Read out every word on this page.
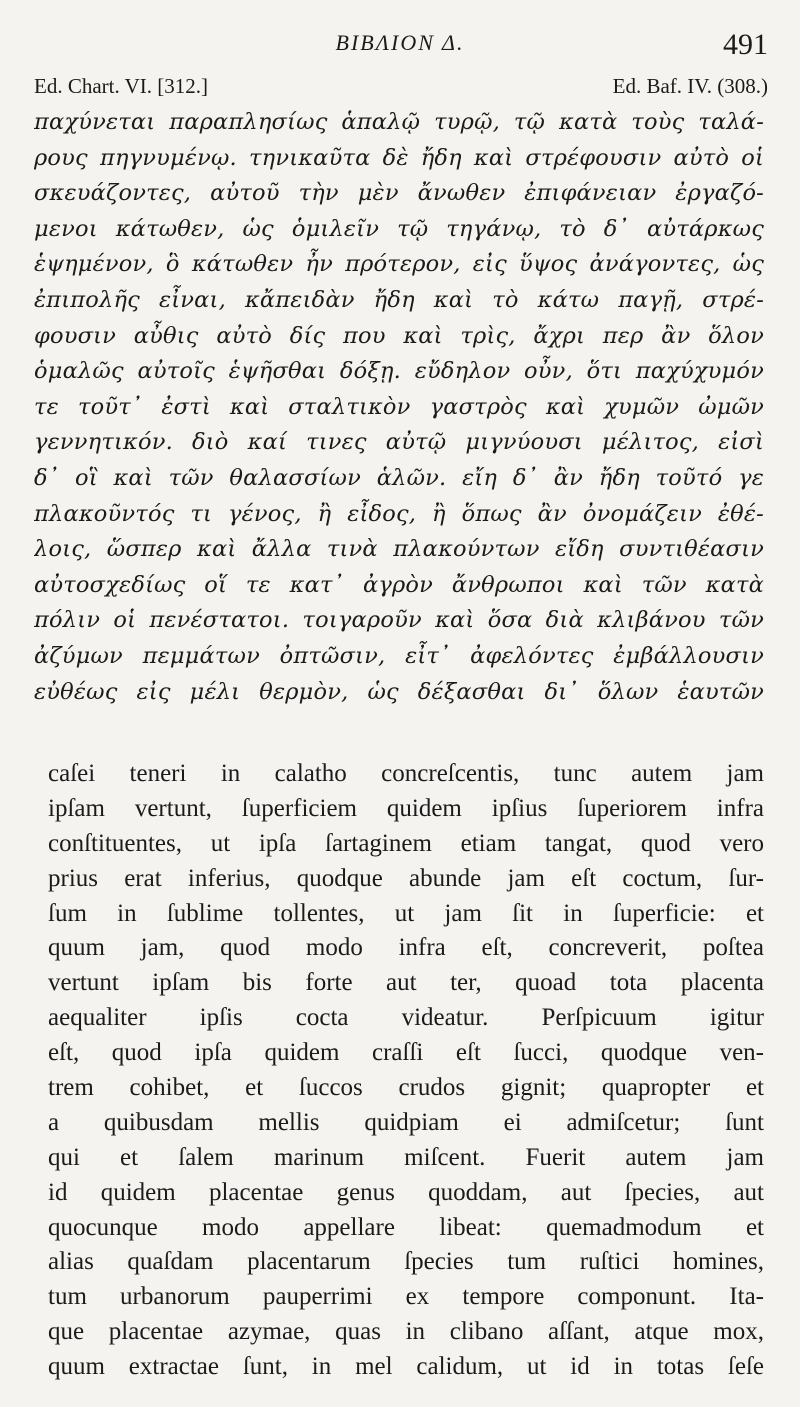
ΒΙΒΛΙΟΝ Δ.	491
Ed. Chart. VI. [312.]	Ed. Baf. IV. (308.)
παχύνεται παραπλησίως ἁπαλῷ τυρῷ, τῷ κατὰ τοὺς ταλά-
ρους πηγνυμένῳ. τηνικαῦτα δὲ ἤδη καὶ στρέφουσιν αὐτὸ οἱ
σκευάζοντες, αὐτοῦ τὴν μὲν ἄνωθεν ἐπιφάνειαν ἐργαζό-
μενοι κάτωθεν, ὡς ὁμιλεῖν τῷ τηγάνῳ, τὸ δ᾽ αὐτάρκως
ἑψημένον, ὃ κάτωθεν ἦν πρότερον, εἰς ὕψος ἀνάγοντες, ὡς
ἐπιπολῆς εἶναι, κἄπειδὰν ἤδη καὶ τὸ κάτω παγῇ, στρέ-
φουσιν αὖθις αὐτὸ δίς που καὶ τρὶς, ἄχρι περ ἂν ὅλον
ὁμαλῶς αὐτοῖς ἑψῆσθαι δόξῃ. εὔδηλον οὖν, ὅτι παχύχυμόν
τε τοῦτ᾽ ἐστὶ καὶ σταλτικὸν γαστρὸς καὶ χυμῶν ὠμῶν
γεννητικόν. διὸ καί τινες αὐτῷ μιγνύουσι μέλιτος, εἰσὶ
δ᾽ οἳ καὶ τῶν θαλασσίων ἁλῶν. εἴη δ᾽ ἂν ἤδη τοῦτό γε
πλακοῦντός τι γένος, ἢ εἶδος, ἢ ὅπως ἂν ὀνομάζειν ἐθέ-
λοις, ὥσπερ καὶ ἄλλα τινὰ πλακούντων εἴδη συντιθέασιν
αὐτοσχεδίως οἵ τε κατ᾽ ἀγρὸν ἄνθρωποι καὶ τῶν κατὰ
πόλιν οἱ πενέστατοι. τοιγαροῦν καὶ ὅσα διὰ κλιβάνου τῶν
ἀζύμων πεμμάτων ὀπτῶσιν, εἶτ᾽ ἀφελόντες ἐμβάλλουσιν
εὐθέως εἰς μέλι θερμὸν, ὡς δέξασθαι δι᾽ ὅλων ἑαυτῶν
caſei teneri in calatho concreſcentis, tunc autem jam
ipſam vertunt, ſuperficiem quidem ipſius ſuperiorem infra
conſtituentes, ut ipſa ſartaginem etiam tangat, quod vero
prius erat inferius, quodque abunde jam eſt coctum, ſur-
ſum in ſublime tollentes, ut jam ſit in ſuperficie: et
quum jam, quod modo infra eſt, concreverit, poſtea
vertunt ipſam bis forte aut ter, quoad tota placenta
aequaliter ipſis cocta videatur. Perſpicuum igitur
eſt, quod ipſa quidem craſſi eſt ſucci, quodque ven-
trem cohibet, et ſuccos crudos gignit; quapropter et
a quibusdam mellis quidpiam ei admiſcetur; ſunt
qui et ſalem marinum miſcent. Fuerit autem jam
id quidem placentae genus quoddam, aut ſpecies, aut
quocunque modo appellare libeat: quemadmodum et
alias quaſdam placentarum ſpecies tum ruſtici homines,
tum urbanorum pauperrimi ex tempore componunt. Ita-
que placentae azymae, quas in clibano aſſant, atque mox,
quum extractae ſunt, in mel calidum, ut id in totas ſeſe
